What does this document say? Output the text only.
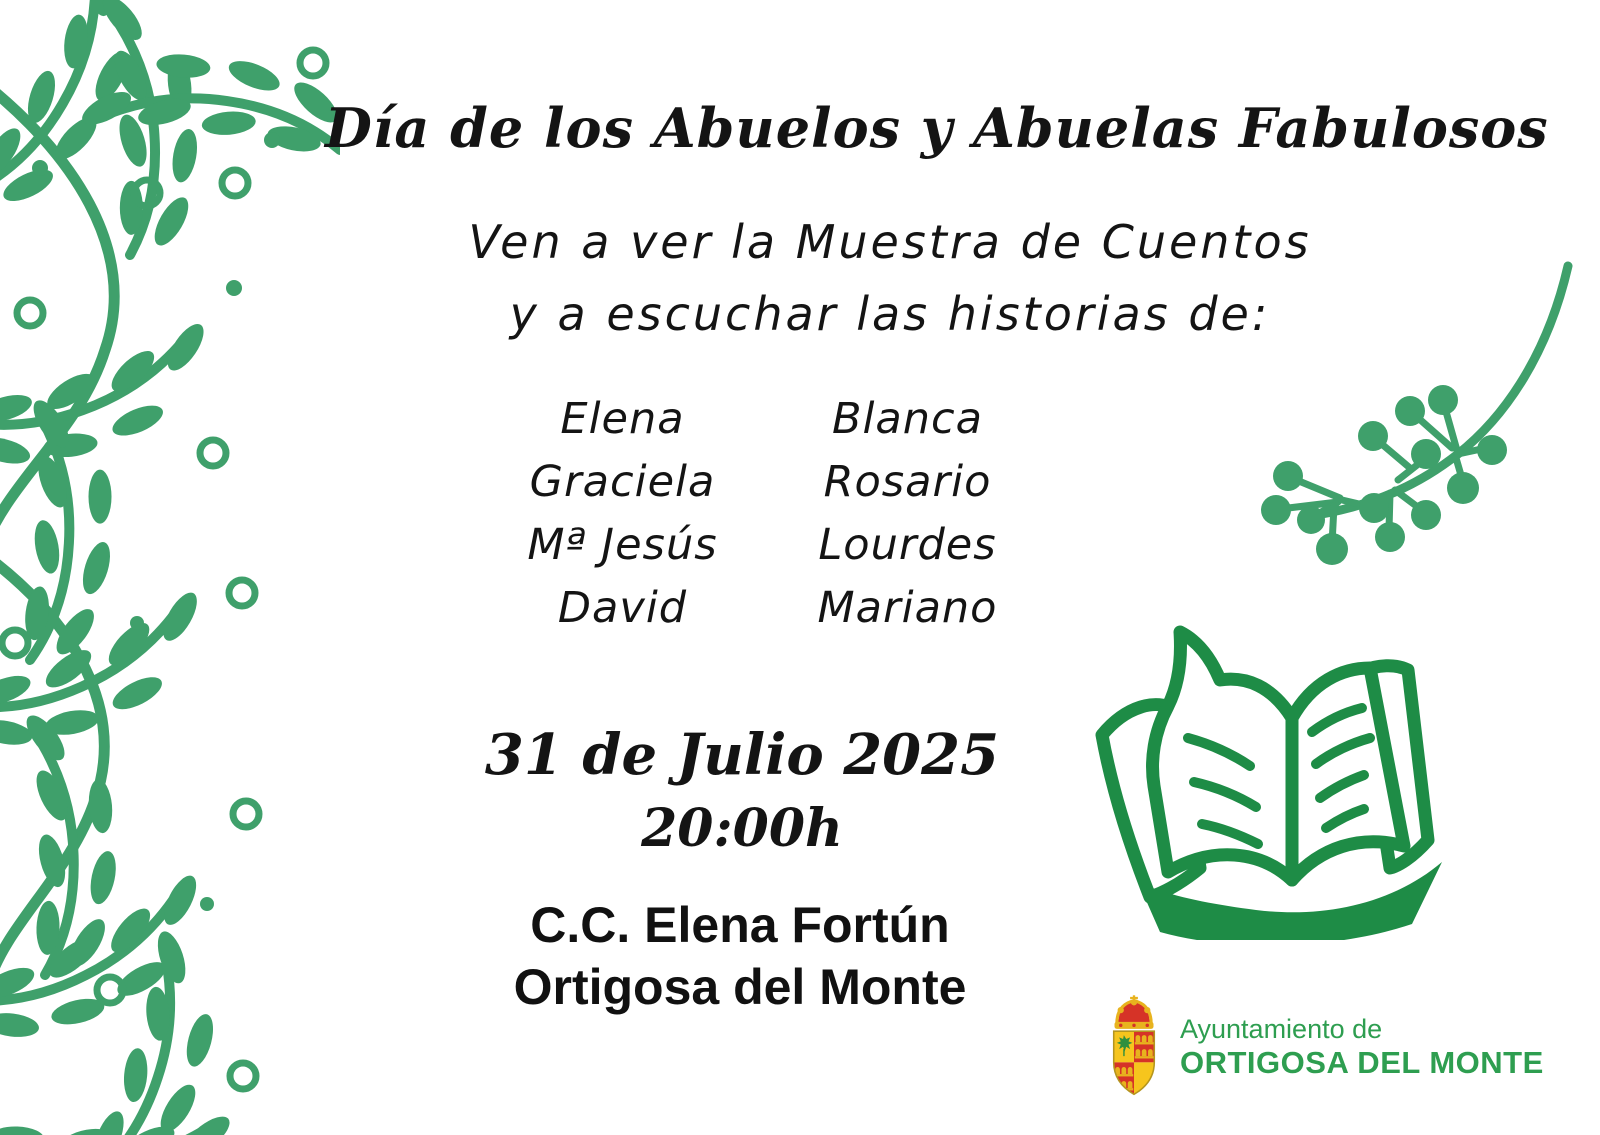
Día de los Abuelos y Abuelas Fabulosos
Ven a ver la Muestra de Cuentos
y a escuchar las historias de:
Elena
Graciela
Mª Jesús
David
Blanca
Rosario
Lourdes
Mariano
31 de Julio 2025
20:00h
C.C. Elena Fortún
Ortigosa del Monte
Ayuntamiento de
ORTIGOSA DEL MONTE
